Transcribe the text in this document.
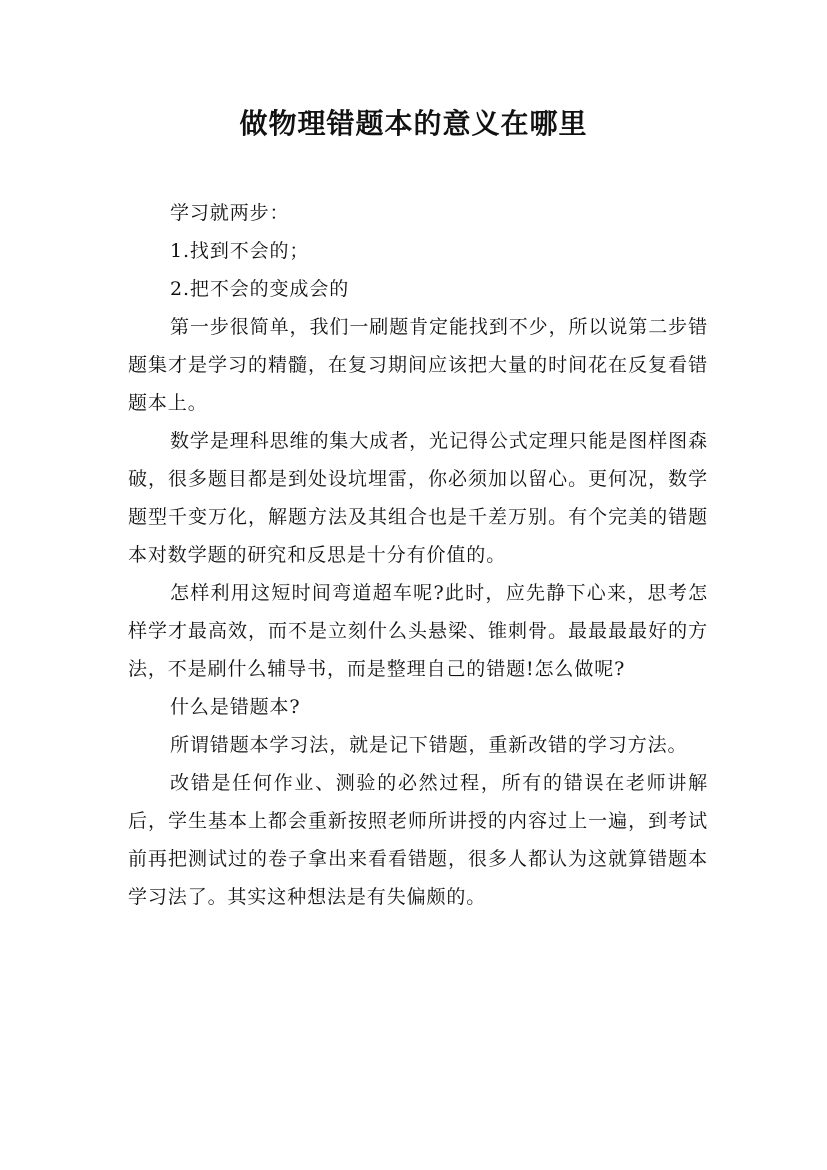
做物理错题本的意义在哪里

学习就两步：

1.找到不会的；

2.把不会的变成会的

第一步很简单，我们一刷题肯定能找到不少，所以说第二步错题集才是学习的精髓，在复习期间应该把大量的时间花在反复看错题本上。

数学是理科思维的集大成者，光记得公式定理只能是图样图森破，很多题目都是到处设坑埋雷，你必须加以留心。更何况，数学题型千变万化，解题方法及其组合也是千差万别。有个完美的错题本对数学题的研究和反思是十分有价值的。

怎样利用这短时间弯道超车呢?此时，应先静下心来，思考怎样学才最高效，而不是立刻什么头悬梁、锥刺骨。最最最最好的方法，不是刷什么辅导书，而是整理自己的错题!怎么做呢?

什么是错题本?

所谓错题本学习法，就是记下错题，重新改错的学习方法。

改错是任何作业、测验的必然过程，所有的错误在老师讲解后，学生基本上都会重新按照老师所讲授的内容过上一遍，到考试前再把测试过的卷子拿出来看看错题，很多人都认为这就算错题本学习法了。其实这种想法是有失偏颇的。
